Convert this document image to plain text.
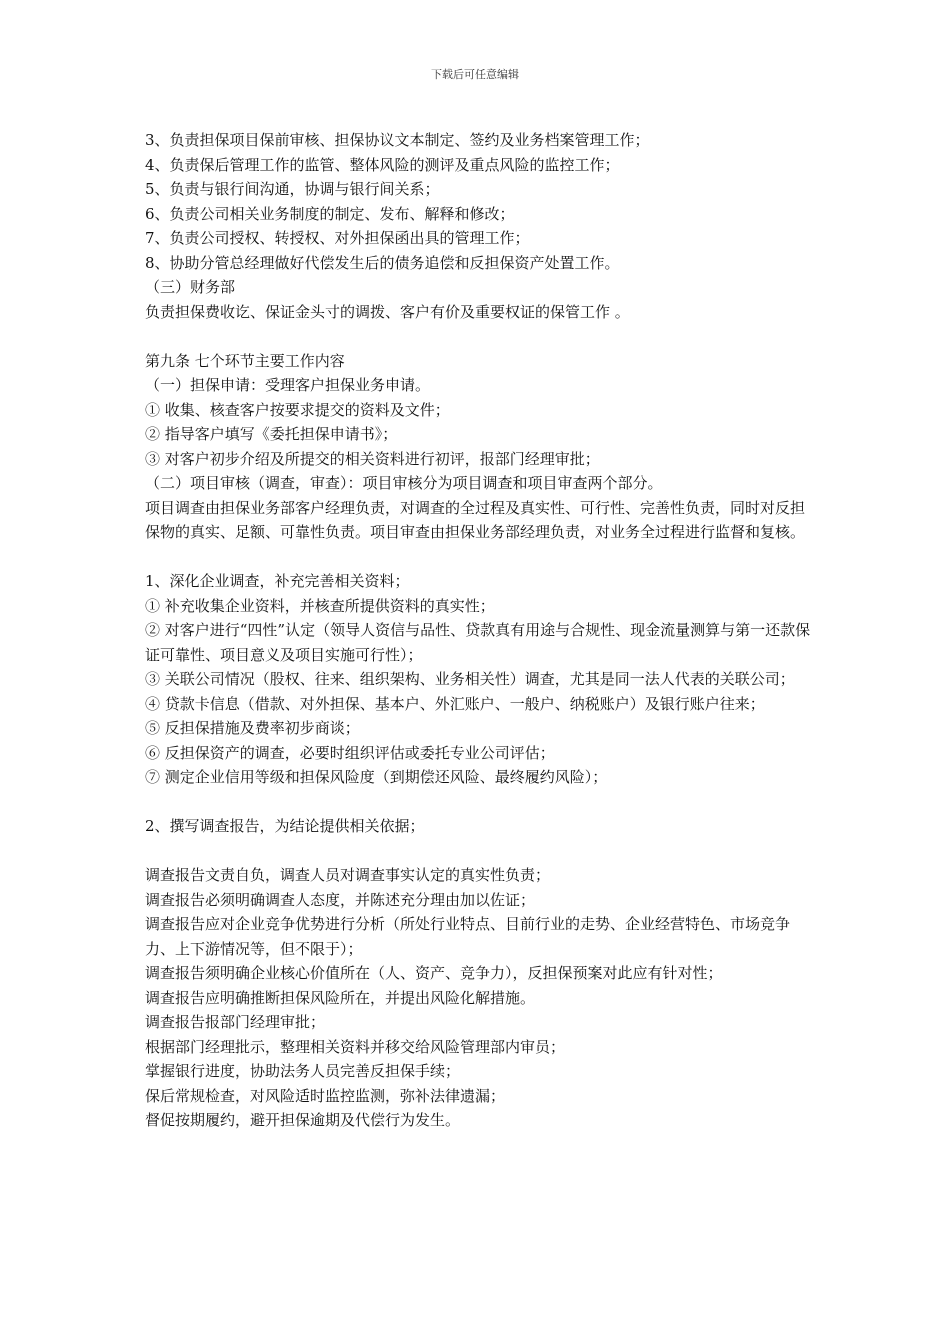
下载后可任意编辑
3、负责担保项目保前审核、担保协议文本制定、签约及业务档案管理工作；
4、负责保后管理工作的监管、整体风险的测评及重点风险的监控工作；
5、负责与银行间沟通，协调与银行间关系；
6、负责公司相关业务制度的制定、发布、解释和修改；
7、负责公司授权、转授权、对外担保函出具的管理工作；
8、协助分管总经理做好代偿发生后的债务追偿和反担保资产处置工作。
（三）财务部
负责担保费收讫、保证金头寸的调拨、客户有价及重要权证的保管工作 。
第九条 七个环节主要工作内容
（一）担保申请：受理客户担保业务申请。
① 收集、核查客户按要求提交的资料及文件；
② 指导客户填写《委托担保申请书》；
③ 对客户初步介绍及所提交的相关资料进行初评，报部门经理审批；
（二）项目审核（调查，审查）：项目审核分为项目调查和项目审查两个部分。
项目调查由担保业务部客户经理负责，对调查的全过程及真实性、可行性、完善性负责，同时对反担保物的真实、足额、可靠性负责。项目审查由担保业务部经理负责，对业务全过程进行监督和复核。
1、深化企业调查，补充完善相关资料；
① 补充收集企业资料，并核查所提供资料的真实性；
② 对客户进行“四性”认定（领导人资信与品性、贷款真有用途与合规性、现金流量测算与第一还款保证可靠性、项目意义及项目实施可行性）；
③ 关联公司情况（股权、往来、组织架构、业务相关性）调查，尤其是同一法人代表的关联公司；
④ 贷款卡信息（借款、对外担保、基本户、外汇账户、一般户、纳税账户）及银行账户往来；
⑤ 反担保措施及费率初步商谈；
⑥ 反担保资产的调查，必要时组织评估或委托专业公司评估；
⑦ 测定企业信用等级和担保风险度（到期偿还风险、最终履约风险）；
2、撰写调查报告，为结论提供相关依据；
调查报告文责自负，调查人员对调查事实认定的真实性负责；
调查报告必须明确调查人态度，并陈述充分理由加以佐证；
调查报告应对企业竞争优势进行分析（所处行业特点、目前行业的走势、企业经营特色、市场竞争力、上下游情况等，但不限于）；
调查报告须明确企业核心价值所在（人、资产、竞争力），反担保预案对此应有针对性；
调查报告应明确推断担保风险所在，并提出风险化解措施。
调查报告报部门经理审批；
根据部门经理批示，整理相关资料并移交给风险管理部内审员；
掌握银行进度，协助法务人员完善反担保手续；
保后常规检查，对风险适时监控监测，弥补法律遗漏；
督促按期履约，避开担保逾期及代偿行为发生。
